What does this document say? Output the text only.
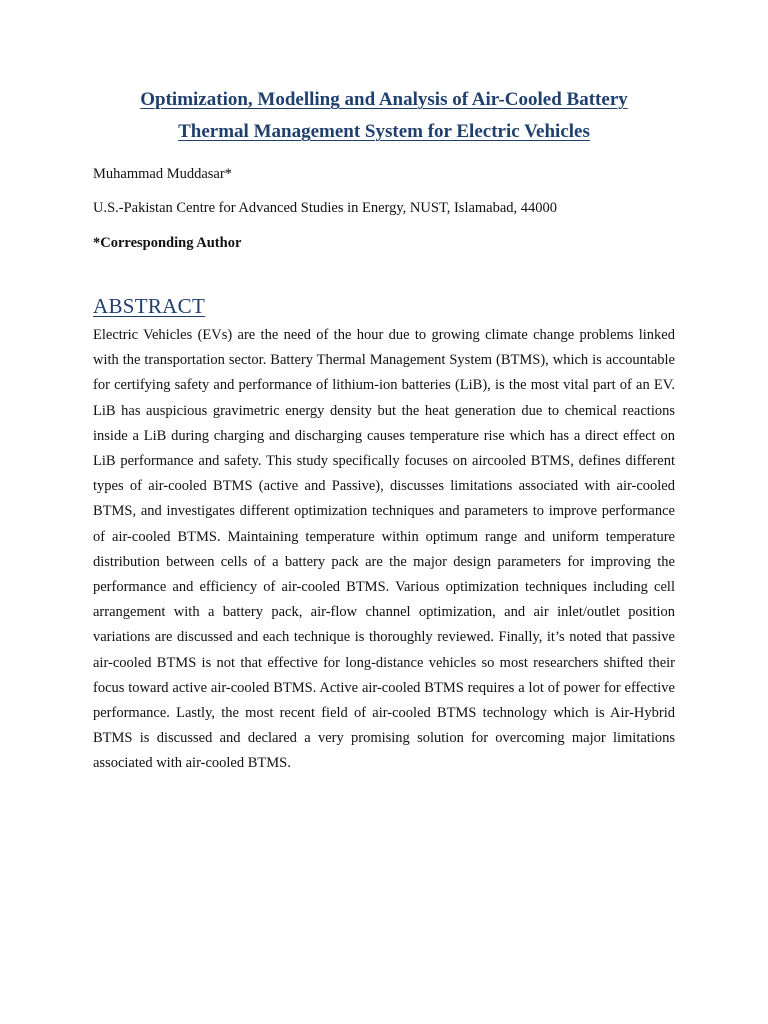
Optimization, Modelling and Analysis of Air-Cooled Battery
Thermal Management System for Electric Vehicles
Muhammad Muddasar*
U.S.-Pakistan Centre for Advanced Studies in Energy, NUST, Islamabad, 44000
*Corresponding Author
ABSTRACT
Electric Vehicles (EVs) are the need of the hour due to growing climate change problems linked with the transportation sector. Battery Thermal Management System (BTMS), which is accountable for certifying safety and performance of lithium-ion batteries (LiB), is the most vital part of an EV. LiB has auspicious gravimetric energy density but the heat generation due to chemical reactions inside a LiB during charging and discharging causes temperature rise which has a direct effect on LiB performance and safety. This study specifically focuses on aircooled BTMS, defines different types of air-cooled BTMS (active and Passive), discusses limitations associated with air-cooled BTMS, and investigates different optimization techniques and parameters to improve performance of air-cooled BTMS. Maintaining temperature within optimum range and uniform temperature distribution between cells of a battery pack are the major design parameters for improving the performance and efficiency of air-cooled BTMS. Various optimization techniques including cell arrangement with a battery pack, air-flow channel optimization, and air inlet/outlet position variations are discussed and each technique is thoroughly reviewed. Finally, it’s noted that passive air-cooled BTMS is not that effective for long-distance vehicles so most researchers shifted their focus toward active air-cooled BTMS. Active air-cooled BTMS requires a lot of power for effective performance. Lastly, the most recent field of air-cooled BTMS technology which is Air-Hybrid BTMS is discussed and declared a very promising solution for overcoming major limitations associated with air-cooled BTMS.
